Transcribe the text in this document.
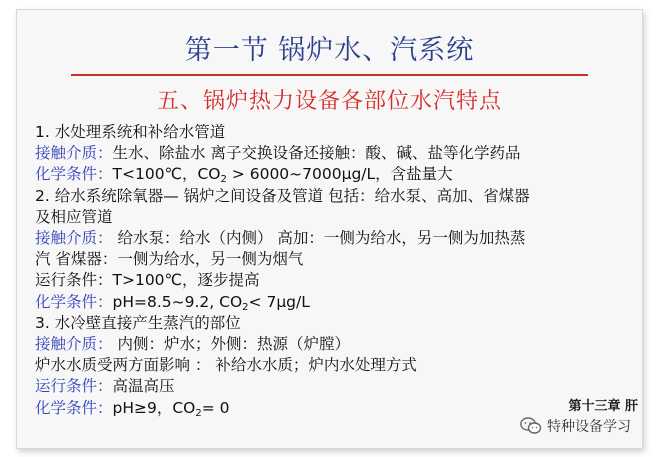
第一节 锅炉水、汽系统
五、锅炉热力设备各部位水汽特点
1. 水处理系统和补给水管道
接触介质：生水、除盐水 离子交换设备还接触：酸、碱、盐等化学药品
化学条件：T<100℃，$CO_2$ > 6000~7000μg/L，含盐量大
2. 给水系统除氧器— 锅炉之间设备及管道 包括：给水泵、高加、省煤器
及相应管道
接触介质： 给水泵：给水（内侧） 高加：一侧为给水，另一侧为加热蒸
汽 省煤器：一侧为给水，另一侧为烟气
运行条件：T>100℃，逐步提高
化学条件：pH=8.5~9.2, $CO_2< 7\mu g/L$
3. 水冷壁直接产生蒸汽的部位
接触介质： 内侧：炉水；外侧：热源（炉膛）
炉水水质受两方面影响 ： 补给水水质；炉内水处理方式
运行条件：高温高压
化学条件：pH≥9，$CO_2= 0$	第十三章 肝
特种设备学习
